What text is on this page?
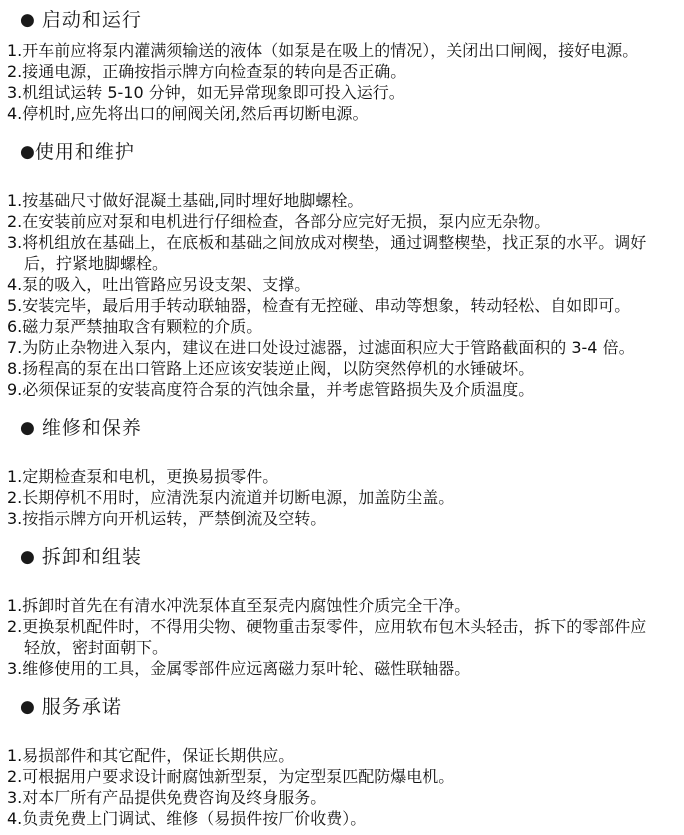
● 启动和运行
1.开车前应将泵内灌满须输送的液体（如泵是在吸上的情况），关闭出口闸阀，接好电源。
2.接通电源，正确按指示牌方向检查泵的转向是否正确。
3.机组试运转 5-10 分钟，如无异常现象即可投入运行。
4.停机时,应先将出口的闸阀关闭,然后再切断电源。
●使用和维护
1.按基础尺寸做好混凝土基础,同时埋好地脚螺栓。
2.在安装前应对泵和电机进行仔细检查，各部分应完好无损，泵内应无杂物。
3.将机组放在基础上，在底板和基础之间放成对楔垫，通过调整楔垫，找正泵的水平。调好后，拧紧地脚螺栓。
4.泵的吸入，吐出管路应另设支架、支撑。
5.安装完毕，最后用手转动联轴器，检查有无控碰、串动等想象，转动轻松、自如即可。
6.磁力泵严禁抽取含有颗粒的介质。
7.为防止杂物进入泵内，建议在进口处设过滤器，过滤面积应大于管路截面积的 3-4 倍。
8.扬程高的泵在出口管路上还应该安装逆止阀，以防突然停机的水锤破坏。
9.必须保证泵的安装高度符合泵的汽蚀余量，并考虑管路损失及介质温度。
● 维修和保养
1.定期检查泵和电机，更换易损零件。
2.长期停机不用时，应清洗泵内流道并切断电源，加盖防尘盖。
3.按指示牌方向开机运转，严禁倒流及空转。
● 拆卸和组装
1.拆卸时首先在有清水冲洗泵体直至泵壳内腐蚀性介质完全干净。
2.更换泵机配件时，不得用尖物、硬物重击泵零件，应用软布包木头轻击，拆下的零部件应轻放，密封面朝下。
3.维修使用的工具，金属零部件应远离磁力泵叶轮、磁性联轴器。
● 服务承诺
1.易损部件和其它配件，保证长期供应。
2.可根据用户要求设计耐腐蚀新型泵，为定型泵匹配防爆电机。
3.对本厂所有产品提供免费咨询及终身服务。
4.负责免费上门调试、维修（易损件按厂价收费）。
